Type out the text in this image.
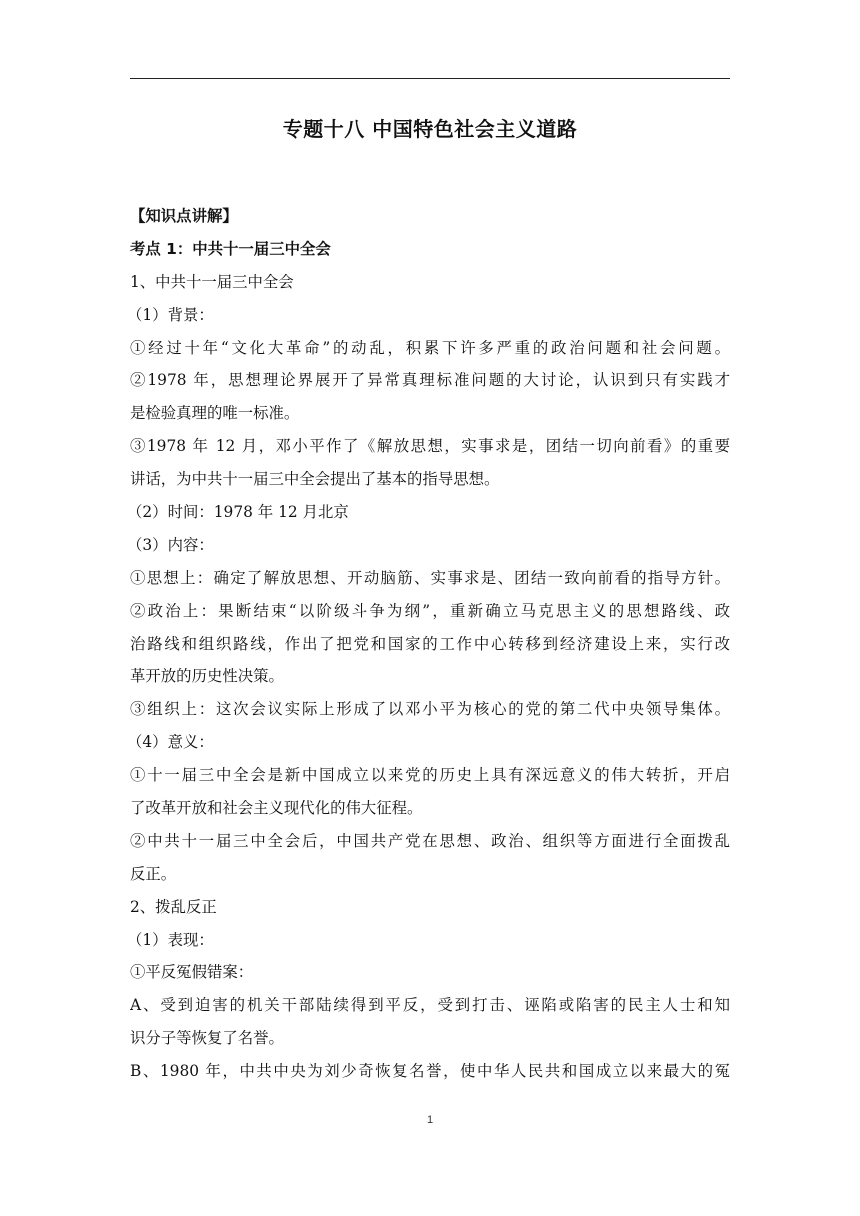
专题十八 中国特色社会主义道路
【知识点讲解】
考点 1：中共十一届三中全会
1、中共十一届三中全会
（1）背景：
①经过十年“文化大革命”的动乱，积累下许多严重的政治问题和社会问题。
②1978 年，思想理论界展开了异常真理标准问题的大讨论，认识到只有实践才
是检验真理的唯一标准。
③1978 年 12 月，邓小平作了《解放思想，实事求是，团结一切向前看》的重要
讲话，为中共十一届三中全会提出了基本的指导思想。
（2）时间：1978 年 12 月北京
（3）内容：
①思想上：确定了解放思想、开动脑筋、实事求是、团结一致向前看的指导方针。
②政治上：果断结束“以阶级斗争为纲”，重新确立马克思主义的思想路线、政
治路线和组织路线，作出了把党和国家的工作中心转移到经济建设上来，实行改
革开放的历史性决策。
③组织上：这次会议实际上形成了以邓小平为核心的党的第二代中央领导集体。
（4）意义：
①十一届三中全会是新中国成立以来党的历史上具有深远意义的伟大转折，开启
了改革开放和社会主义现代化的伟大征程。
②中共十一届三中全会后，中国共产党在思想、政治、组织等方面进行全面拨乱
反正。
2、拨乱反正
（1）表现：
①平反冤假错案：
A、受到迫害的机关干部陆续得到平反，受到打击、诬陷或陷害的民主人士和知
识分子等恢复了名誉。
B、1980 年，中共中央为刘少奇恢复名誉，使中华人民共和国成立以来最大的冤
1
